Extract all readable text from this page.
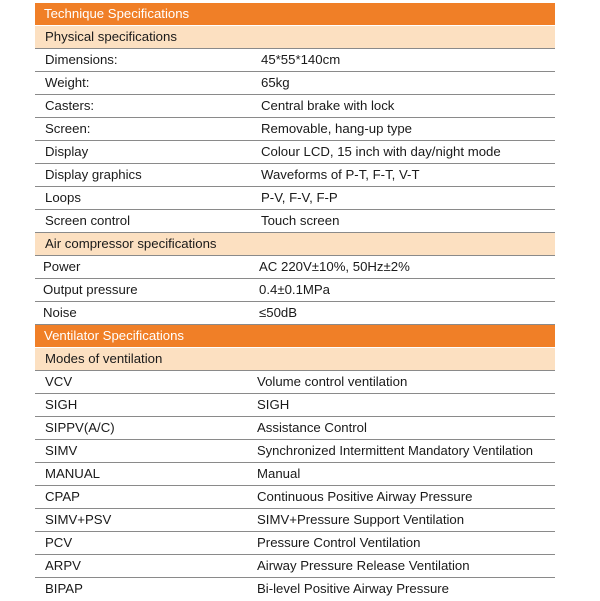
Technique Specifications
Physical specifications
Dimensions:	45*55*140cm
Weight:	65kg
Casters:	Central brake with lock
Screen:	Removable, hang-up type
Display	Colour LCD, 15 inch with day/night mode
Display graphics	Waveforms of P-T, F-T, V-T
Loops	P-V, F-V, F-P
Screen control	Touch screen
Air compressor specifications
Power	AC 220V±10%, 50Hz±2%
Output pressure	0.4±0.1MPa
Noise	≤50dB
Ventilator Specifications
Modes of ventilation
VCV	Volume control ventilation
SIGH	SIGH
SIPPV(A/C)	Assistance Control
SIMV	Synchronized Intermittent Mandatory Ventilation
MANUAL	Manual
CPAP	Continuous Positive Airway Pressure
SIMV+PSV	SIMV+Pressure Support Ventilation
PCV	Pressure Control Ventilation
ARPV	Airway Pressure Release Ventilation
BIPAP	Bi-level Positive Airway Pressure
